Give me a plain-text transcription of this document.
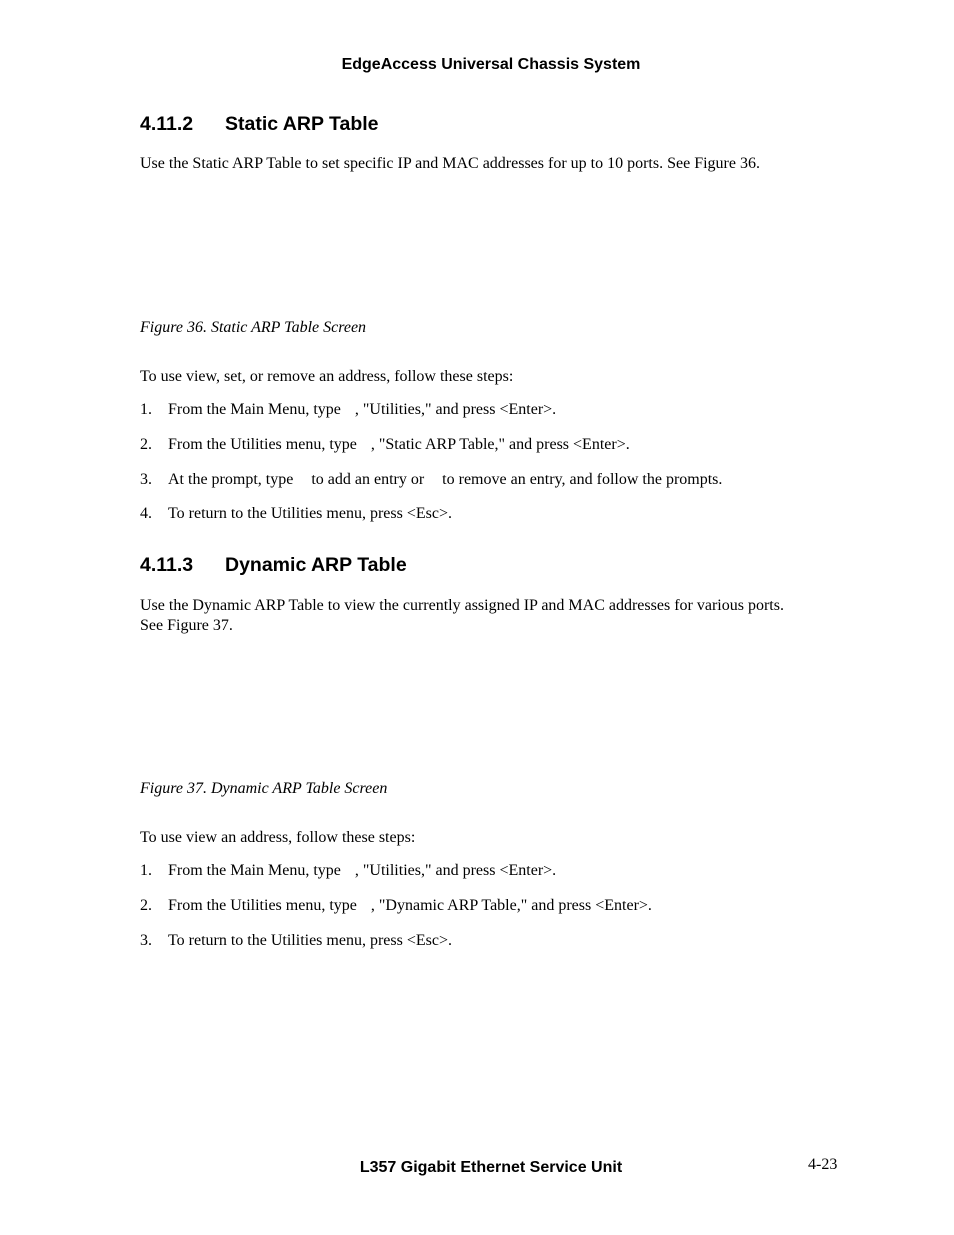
EdgeAccess Universal Chassis System
4.11.2 Static ARP Table
Use the Static ARP Table to set specific IP and MAC addresses for up to 10 ports. See Figure 36.
Figure 36. Static ARP Table Screen
To use view, set, or remove an address, follow these steps:
1. From the Main Menu, type , "Utilities," and press <Enter>.
2. From the Utilities menu, type , "Static ARP Table," and press <Enter>.
3. At the prompt, type to add an entry or to remove an entry, and follow the prompts.
4. To return to the Utilities menu, press <Esc>.
4.11.3 Dynamic ARP Table
Use the Dynamic ARP Table to view the currently assigned IP and MAC addresses for various ports.
See Figure 37.
Figure 37. Dynamic ARP Table Screen
To use view an address, follow these steps:
1. From the Main Menu, type , "Utilities," and press <Enter>.
2. From the Utilities menu, type , "Dynamic ARP Table," and press <Enter>.
3. To return to the Utilities menu, press <Esc>.
L357 Gigabit Ethernet Service Unit	4-23
